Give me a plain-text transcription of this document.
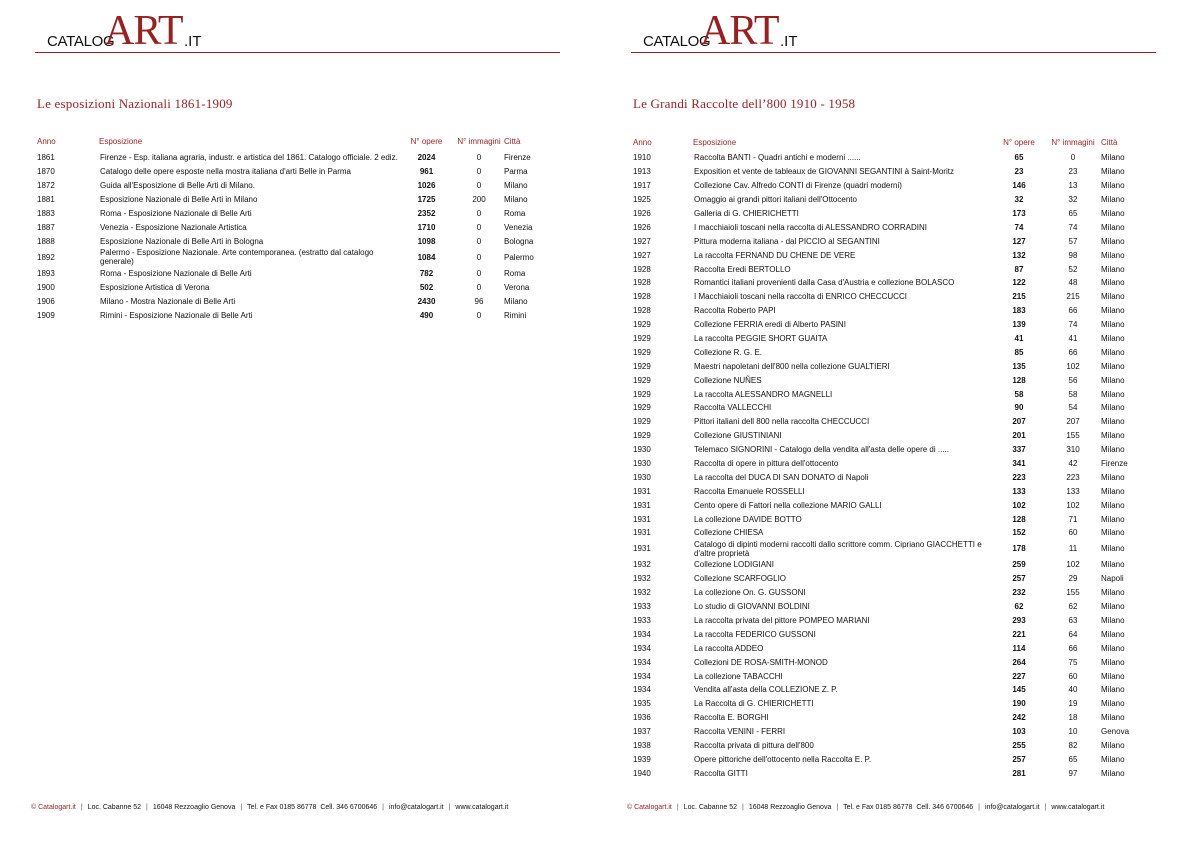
CATALOG
ART .IT
Le esposizioni Nazionali 1861-1909
Anno	Esposizione	N° opere	N° immagini	Città
1861	Firenze - Esp. italiana agraria, industr. e artistica del 1861. Catalogo officiale. 2 ediz.	2024	0	Firenze
1870	Catalogo delle opere esposte nella mostra italiana d'arti Belle in Parma	961	0	Parma
1872	Guida all'Esposizione di Belle Arti di Milano.	1026	0	Milano
1881	Esposizione Nazionale di Belle Arti in Milano	1725	200	Milano
1883	Roma - Esposizione Nazionale di Belle Arti	2352	0	Roma
1887	Venezia - Esposizione Nazionale Artistica	1710	0	Venezia
1888	Esposizione Nazionale di Belle Arti in Bologna	1098	0	Bologna
1892	Palermo - Esposizione Nazionale. Arte contemporanea. (estratto dal catalogo generale)	1084	0	Palermo
1893	Roma - Esposizione Nazionale di Belle Arti	782	0	Roma
1900	Esposizione Artistica di Verona	502	0	Verona
1906	Milano - Mostra Nazionale di Belle Arti	2430	96	Milano
1909	Rimini - Esposizione Nazionale di Belle Arti	490	0	Rimini
© Catalogart.it | Loc. Cabanne 52 | 16048 Rezzoaglio Genova | Tel. e Fax 0185 86778 Cell. 346 6700646 | info@catalogart.it | www.catalogart.it
CATALOG
ART .IT
Le Grandi Raccolte dell’800 1910 - 1958
Anno	Esposizione	N° opere	N° immagini	Città
1910	Raccolta BANTI - Quadri antichi e moderni ......	65	0	Milano
1913	Exposition et vente de tableaux de GIOVANNI SEGANTINI à Saint-Moritz	23	23	Milano
1917	Collezione Cav. Alfredo CONTI di Firenze (quadri moderni)	146	13	Milano
1925	Omaggio ai grandi pittori italiani dell'Ottocento	32	32	Milano
1926	Galleria di G. CHIERICHETTI	173	65	Milano
1926	I macchiaioli toscani nella raccolta di ALESSANDRO CORRADINI	74	74	Milano
1927	Pittura moderna italiana - dal PICCIO al SEGANTINI	127	57	Milano
1927	La raccolta FERNAND DU CHENE DE VERE	132	98	Milano
1928	Raccolta Eredi BERTOLLO	87	52	Milano
1928	Romantici italiani provenienti dalla Casa d'Austria e collezione BOLASCO	122	48	Milano
1928	I Macchiaioli toscani nella raccolta di ENRICO CHECCUCCI	215	215	Milano
1928	Raccolta Roberto PAPI	183	66	Milano
1929	Collezione FERRIA eredi di Alberto PASINI	139	74	Milano
1929	La raccolta PEGGIE SHORT GUAITA	41	41	Milano
1929	Collezione R. G. E.	85	66	Milano
1929	Maestri napoletani dell'800 nella collezione GUALTIERI	135	102	Milano
1929	Collezione NUÑES	128	56	Milano
1929	La raccolta ALESSANDRO MAGNELLI	58	58	Milano
1929	Raccolta VALLECCHI	90	54	Milano
1929	Pittori italiani dell 800 nella raccolta CHECCUCCI	207	207	Milano
1929	Collezione GIUSTINIANI	201	155	Milano
1930	Telemaco SIGNORINI - Catalogo della vendita all'asta delle opere di .....	337	310	Milano
1930	Raccolta di opere in pittura dell'ottocento	341	42	Firenze
1930	La raccolta del DUCA DI SAN DONATO di Napoli	223	223	Milano
1931	Raccolta Emanuele ROSSELLI	133	133	Milano
1931	Cento opere di Fattori nella collezione MARIO GALLI	102	102	Milano
1931	La collezione DAVIDE BOTTO	128	71	Milano
1931	Collezione CHIESA	152	60	Milano
1931	Catalogo di dipinti moderni raccolti dallo scrittore comm. Cipriano GIACCHETTI e d'altre proprietà	178	11	Milano
1932	Collezione LODIGIANI	259	102	Milano
1932	Collezione SCARFOGLIO	257	29	Napoli
1932	La collezione On. G. GUSSONI	232	155	Milano
1933	Lo studio di GIOVANNI BOLDINI	62	62	Milano
1933	La raccolta privata del pittore POMPEO MARIANI	293	63	Milano
1934	La raccolta FEDERICO GUSSONI	221	64	Milano
1934	La raccolta ADDEO	114	66	Milano
1934	Collezioni DE ROSA-SMITH-MONOD	264	75	Milano
1934	La collezione TABACCHI	227	60	Milano
1934	Vendita all'asta della COLLEZIONE Z. P.	145	40	Milano
1935	La Raccolta di G. CHIERICHETTI	190	19	Milano
1936	Raccolta E. BORGHI	242	18	Milano
1937	Raccolta VENINI - FERRI	103	10	Genova
1938	Raccolta privata di pittura dell'800	255	82	Milano
1939	Opere pittoriche dell'ottocento nella Raccolta E. P.	257	65	Milano
1940	Raccolta GITTI	281	97	Milano
© Catalogart.it | Loc. Cabanne 52 | 16048 Rezzoaglio Genova | Tel. e Fax 0185 86778 Cell. 346 6700646 | info@catalogart.it | www.catalogart.it
